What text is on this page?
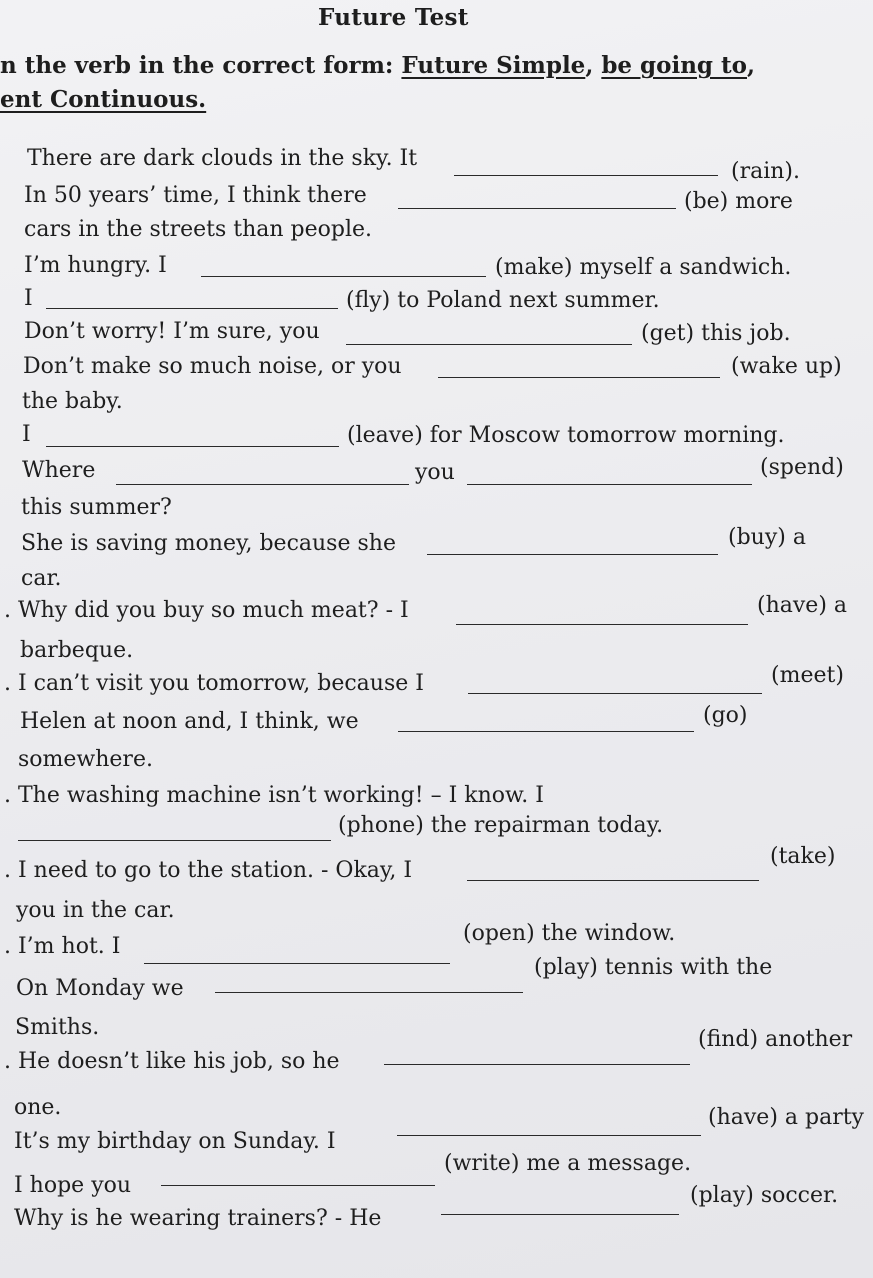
Future Test
n the verb in the correct form: Future Simple, be going to,
ent Continuous.
There are dark clouds in the sky. It
(rain).
In 50 years’ time, I think there	(be) more
cars in the streets than people.
I’m hungry. I	(make) myself a sandwich.
I	(fly) to Poland next summer.
Don’t worry! I’m sure, you	(get) this job.
Don’t make so much noise, or you	(wake up)
the baby.
I	(leave) for Moscow tomorrow morning.
Where	you	(spend)
this summer?
She is saving money, because she	(buy) a
car.
. Why did you buy so much meat? - I	(have) a
barbeque.
. I can’t visit you tomorrow, because I	(meet)
Helen at noon and, I think, we	(go)
somewhere.
. The washing machine isn’t working! – I know. I
(phone) the repairman today.
. I need to go to the station. - Okay, I
(take)
you in the car.
. I’m hot. I
(open) the window.
On Monday we
(play) tennis with the
Smiths.
. He doesn’t like his job, so he
(find) another
one.
It’s my birthday on Sunday. I
(have) a party
I hope you
(write) me a message.
Why is he wearing trainers? - He
(play) soccer.
